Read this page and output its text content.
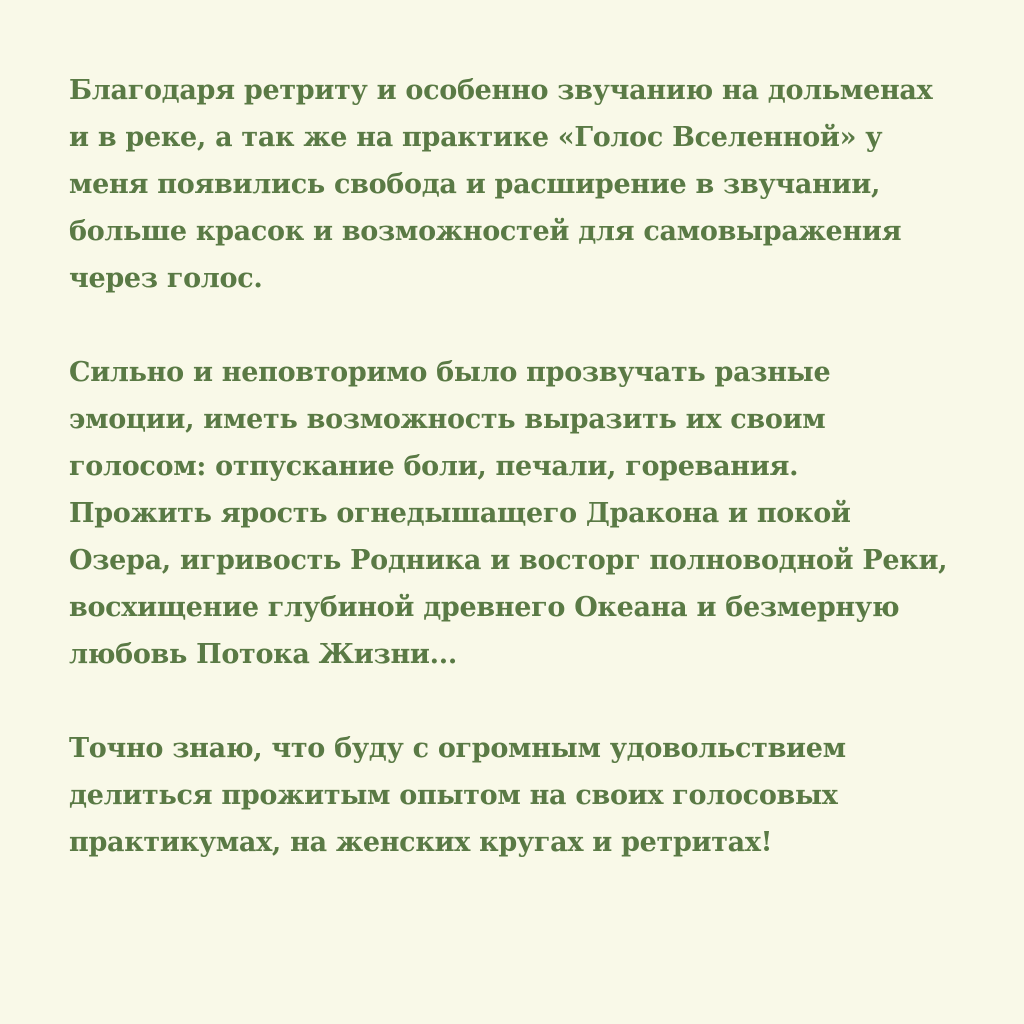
Благодаря ретриту и особенно звучанию на дольменах
и в реке, а так же на практике «Голос Вселенной» у
меня появились свобода и расширение в звучании,
больше красок и возможностей для самовыражения
через голос.

Сильно и неповторимо было прозвучать разные
эмоции, иметь возможность выразить их своим
голосом: отпускание боли, печали, горевания.
Прожить ярость огнедышащего Дракона и покой
Озера, игривость Родника и восторг полноводной Реки,
восхищение глубиной древнего Океана и безмерную
любовь Потока Жизни...

Точно знаю, что буду с огромным удовольствием
делиться прожитым опытом на своих голосовых
практикумах, на женских кругах и ретритах!
